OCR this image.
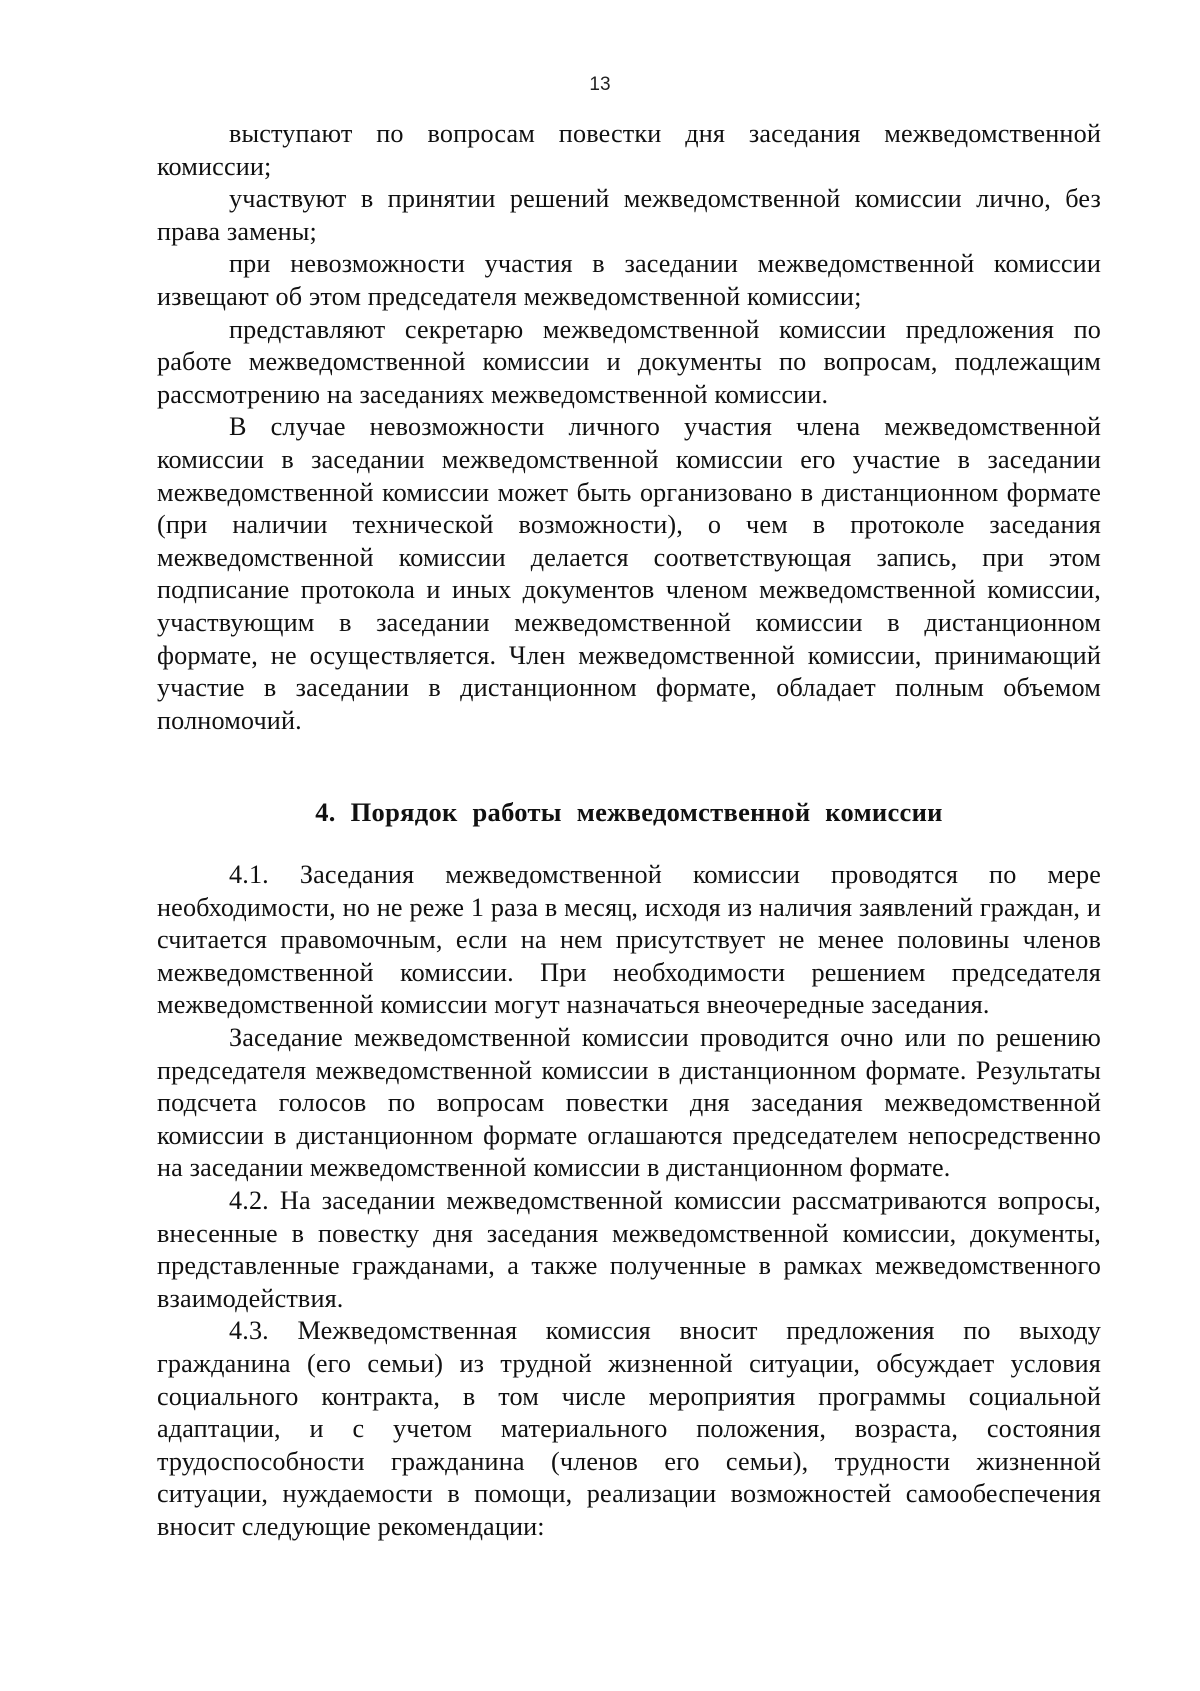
13

выступают по вопросам повестки дня заседания межведомственной комиссии;

участвуют в принятии решений межведомственной комиссии лично, без права замены;

при невозможности участия в заседании межведомственной комиссии извещают об этом председателя межведомственной комиссии;

представляют секретарю межведомственной комиссии предложения по работе межведомственной комиссии и документы по вопросам, подлежащим рассмотрению на заседаниях межведомственной комиссии.

В случае невозможности личного участия члена межведомственной комиссии в заседании межведомственной комиссии его участие в заседании межведомственной комиссии может быть организовано в дистанционном формате (при наличии технической возможности), о чем в протоколе заседания межведомственной комиссии делается соответствующая запись, при этом подписание протокола и иных документов членом межведомственной комиссии, участвующим в заседании межведомственной комиссии в дистанционном формате, не осуществляется. Член межведомственной комиссии, принимающий участие в заседании в дистанционном формате, обладает полным объемом полномочий.

4. Порядок работы межведомственной комиссии

4.1. Заседания межведомственной комиссии проводятся по мере необходимости, но не реже 1 раза в месяц, исходя из наличия заявлений граждан, и считается правомочным, если на нем присутствует не менее половины членов межведомственной комиссии. При необходимости решением председателя межведомственной комиссии могут назначаться внеочередные заседания.

Заседание межведомственной комиссии проводится очно или по решению председателя межведомственной комиссии в дистанционном формате. Результаты подсчета голосов по вопросам повестки дня заседания межведомственной комиссии в дистанционном формате оглашаются председателем непосредственно на заседании межведомственной комиссии в дистанционном формате.

4.2. На заседании межведомственной комиссии рассматриваются вопросы, внесенные в повестку дня заседания межведомственной комиссии, документы, представленные гражданами, а также полученные в рамках межведомственного взаимодействия.

4.3. Межведомственная комиссия вносит предложения по выходу гражданина (его семьи) из трудной жизненной ситуации, обсуждает условия социального контракта, в том числе мероприятия программы социальной адаптации, и с учетом материального положения, возраста, состояния трудоспособности гражданина (членов его семьи), трудности жизненной ситуации, нуждаемости в помощи, реализации возможностей самообеспечения вносит следующие рекомендации:
